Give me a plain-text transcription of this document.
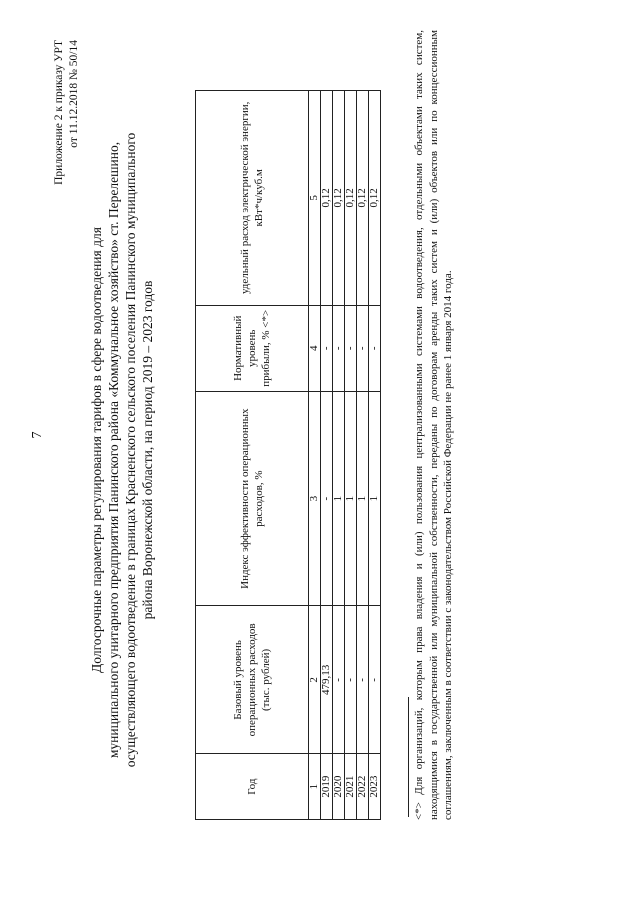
7
Приложение 2 к приказу УРТ от 11.12.2018 № 50/14
Долгосрочные параметры регулирования тарифов в сфере водоотведения для муниципального унитарного предприятия Панинского района «Коммунальное хозяйство» ст. Перелешино, осуществляющего водоотведение в границах Красненского сельского поселения Панинского муниципального района Воронежской области, на период 2019 – 2023 годов
Год	Базовый уровень операционных расходов (тыс. рублей)	Индекс эффективности операционных расходов, %	Нормативный уровень прибыли, % <*>	удельный расход электрической энергии, кВт*ч/куб.м
1	2	3	4	5
2019	479,13	-	-	0,12
2020	-	1	-	0,12
2021	-	1	-	0,12
2022	-	1	-	0,12
2023	-	1	-	0,12	<*> Для организаций, которым права владения и (или) пользования централизованными системами водоотведения, отдельными объектами таких систем, находящимися в государственной или муниципальной собственности, переданы по договорам аренды таких систем и (или) объектов или по концессионным соглашениям, заключенным в соответствии с законодательством Российской Федерации не ранее 1 января 2014 года.
